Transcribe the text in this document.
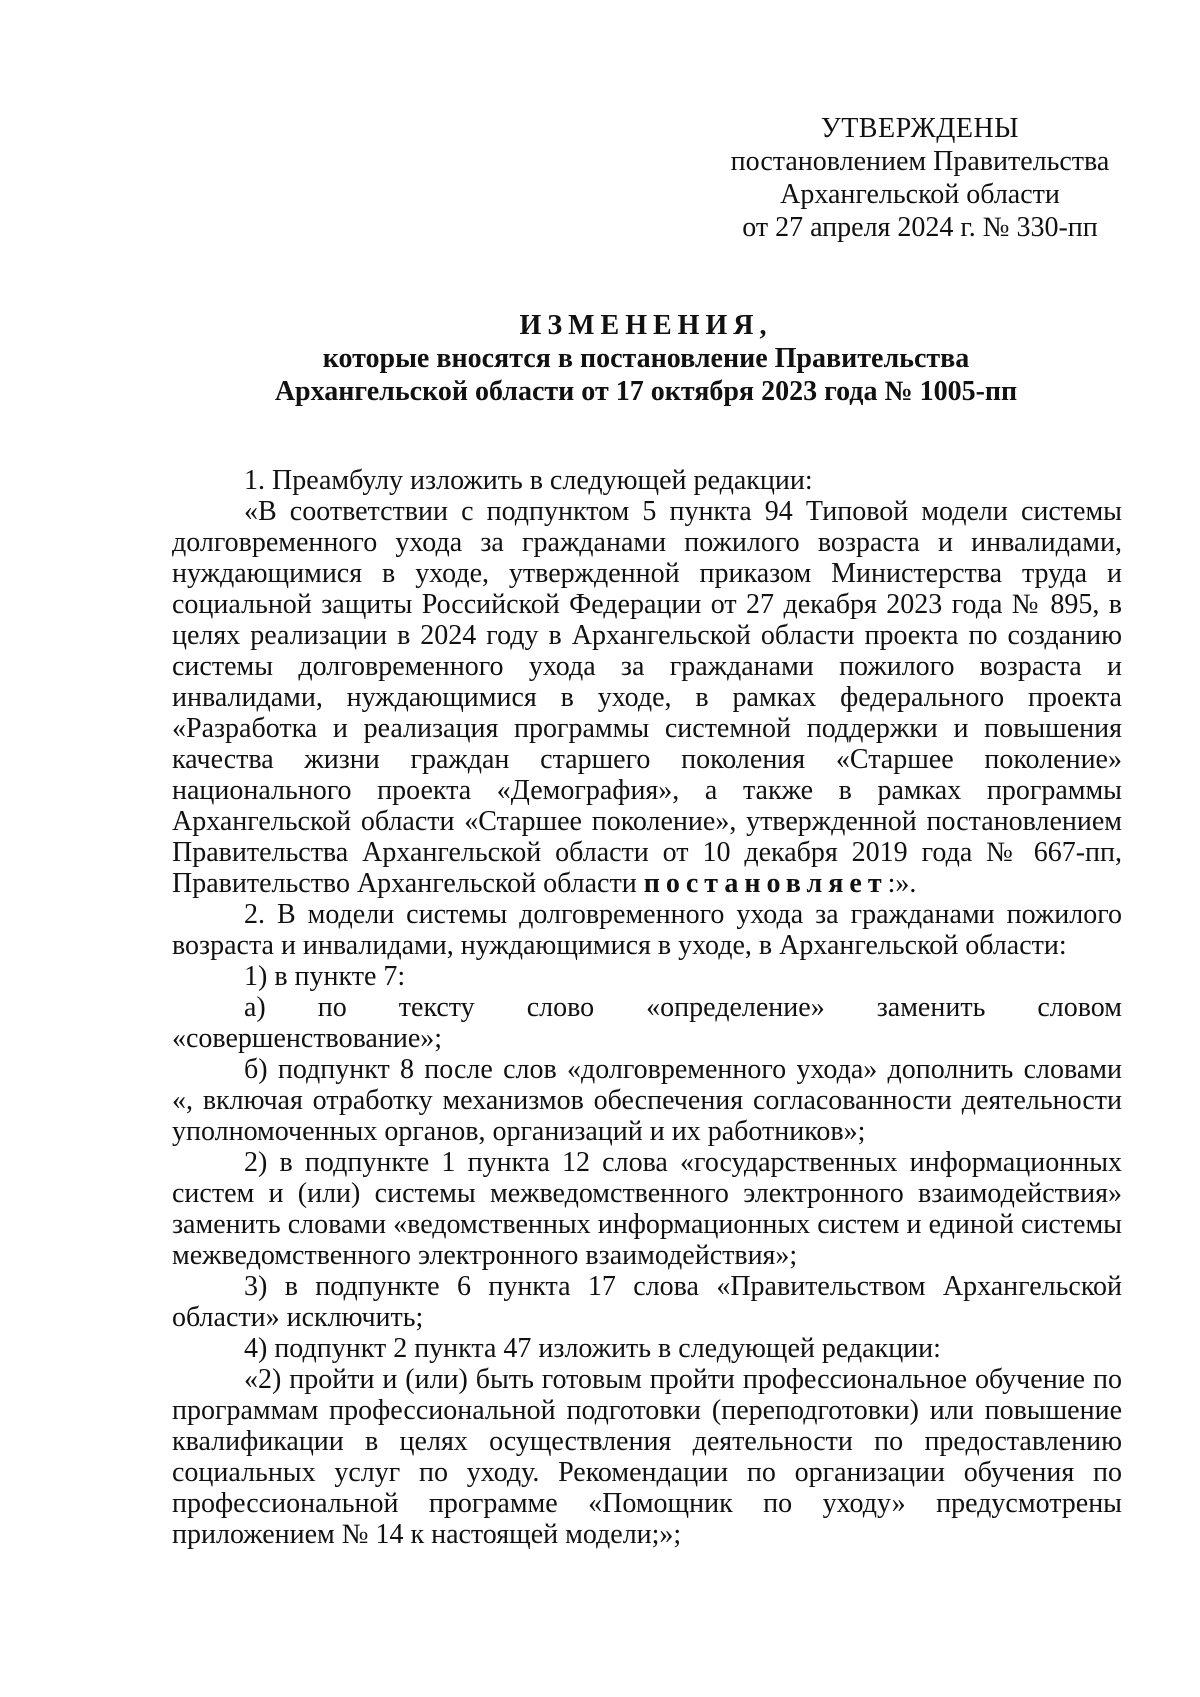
УТВЕРЖДЕНЫ
постановлением Правительства
Архангельской области
от 27 апреля 2024 г. № 330-пп
ИЗМЕНЕНИЯ,
которые вносятся в постановление Правительства
Архангельской области от 17 октября 2023 года № 1005-пп

1. Преамбулу изложить в следующей редакции:

«В соответствии с подпунктом 5 пункта 94 Типовой модели системы долговременного ухода за гражданами пожилого возраста и инвалидами, нуждающимися в уходе, утвержденной приказом Министерства труда и социальной защиты Российской Федерации от 27 декабря 2023 года № 895, в целях реализации в 2024 году в Архангельской области проекта по созданию системы долговременного ухода за гражданами пожилого возраста и инвалидами, нуждающимися в уходе, в рамках федерального проекта «Разработка и реализация программы системной поддержки и повышения качества жизни граждан старшего поколения «Старшее поколение» национального проекта «Демография», а также в рамках программы Архангельской области «Старшее поколение», утвержденной постановлением Правительства Архангельской области от 10 декабря 2019 года № 667-пп, Правительство Архангельской области постановляет:».

2. В модели системы долговременного ухода за гражданами пожилого возраста и инвалидами, нуждающимися в уходе, в Архангельской области:

1) в пункте 7:

а) по тексту слово «определение» заменить словом «совершенствование»;

б) подпункт 8 после слов «долговременного ухода» дополнить словами «, включая отработку механизмов обеспечения согласованности деятельности уполномоченных органов, организаций и их работников»;

2) в подпункте 1 пункта 12 слова «государственных информационных систем и (или) системы межведомственного электронного взаимодействия» заменить словами «ведомственных информационных систем и единой системы межведомственного электронного взаимодействия»;

3) в подпункте 6 пункта 17 слова «Правительством Архангельской области» исключить;

4) подпункт 2 пункта 47 изложить в следующей редакции:

«2) пройти и (или) быть готовым пройти профессиональное обучение по программам профессиональной подготовки (переподготовки) или повышение квалификации в целях осуществления деятельности по предоставлению социальных услуг по уходу. Рекомендации по организации обучения по профессиональной программе «Помощник по уходу» предусмотрены приложением № 14 к настоящей модели;»;
